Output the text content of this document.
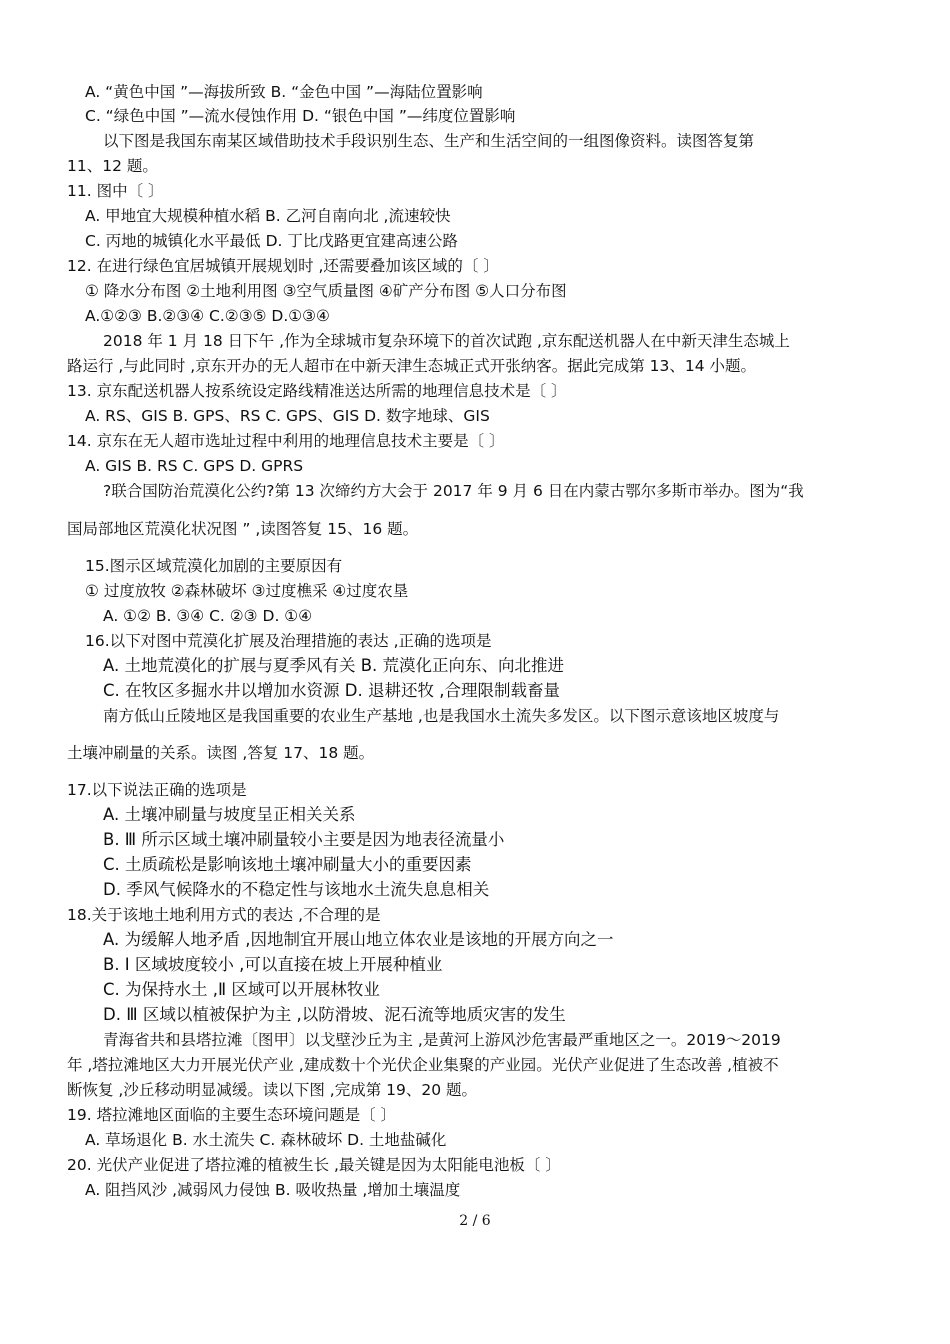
A. “黄色中国 ”—海拔所致 B. “金色中国 ”—海陆位置影响
C. “绿色中国 ”—流水侵蚀作用 D. “银色中国 ”—纬度位置影响
以下图是我国东南某区域借助技术手段识别生态、生产和生活空间的一组图像资料。读图答复第
11、12 题。
11. 图中〔 〕
A. 甲地宜大规模种植水稻 B. 乙河自南向北 ,流速较快
C. 丙地的城镇化水平最低 D. 丁比戊路更宜建高速公路
12. 在进行绿色宜居城镇开展规划时 ,还需要叠加该区域的〔 〕
① 降水分布图 ②土地利用图 ③空气质量图 ④矿产分布图 ⑤人口分布图
A.①②③ B.②③④ C.②③⑤ D.①③④
2018 年 1 月 18 日下午 ,作为全球城市复杂环境下的首次试跑 ,京东配送机器人在中新天津生态城上
路运行 ,与此同时 ,京东开办的无人超市在中新天津生态城正式开张纳客。据此完成第 13、14 小题。
13. 京东配送机器人按系统设定路线精准送达所需的地理信息技术是〔 〕
A. RS、GIS B. GPS、RS C. GPS、GIS D. 数字地球、GIS
14. 京东在无人超市选址过程中利用的地理信息技术主要是〔 〕
A. GIS B. RS C. GPS D. GPRS
?联合国防治荒漠化公约?第 13 次缔约方大会于 2017 年 9 月 6 日在内蒙古鄂尔多斯市举办。图为“我
国局部地区荒漠化状况图 ” ,读图答复 15、16 题。
15.图示区域荒漠化加剧的主要原因有
① 过度放牧 ②森林破坏 ③过度樵采 ④过度农垦
A. ①② B. ③④ C. ②③ D. ①④
16.以下对图中荒漠化扩展及治理措施的表达 ,正确的选项是
A. 土地荒漠化的扩展与夏季风有关 B. 荒漠化正向东、向北推进
C. 在牧区多掘水井以增加水资源 D. 退耕还牧 ,合理限制载畜量
南方低山丘陵地区是我国重要的农业生产基地 ,也是我国水土流失多发区。以下图示意该地区坡度与
土壤冲刷量的关系。读图 ,答复 17、18 题。
17.以下说法正确的选项是
A. 土壤冲刷量与坡度呈正相关关系
B. Ⅲ 所示区域土壤冲刷量较小主要是因为地表径流量小
C. 土质疏松是影响该地土壤冲刷量大小的重要因素
D. 季风气候降水的不稳定性与该地水土流失息息相关
18.关于该地土地利用方式的表达 ,不合理的是
A. 为缓解人地矛盾 ,因地制宜开展山地立体农业是该地的开展方向之一
B. Ⅰ 区域坡度较小 ,可以直接在坡上开展种植业
C. 为保持水土 ,Ⅱ 区域可以开展林牧业
D. Ⅲ 区域以植被保护为主 ,以防滑坡、泥石流等地质灾害的发生
青海省共和县塔拉滩〔图甲〕以戈壁沙丘为主 ,是黄河上游风沙危害最严重地区之一。2019～2019
年 ,塔拉滩地区大力开展光伏产业 ,建成数十个光伏企业集聚的产业园。光伏产业促进了生态改善 ,植被不
断恢复 ,沙丘移动明显减缓。读以下图 ,完成第 19、20 题。
19. 塔拉滩地区面临的主要生态环境问题是〔 〕
A. 草场退化 B. 水土流失 C. 森林破坏 D. 土地盐碱化
20. 光伏产业促进了塔拉滩的植被生长 ,最关键是因为太阳能电池板〔 〕
A. 阻挡风沙 ,减弱风力侵蚀 B. 吸收热量 ,增加土壤温度
2 / 6
